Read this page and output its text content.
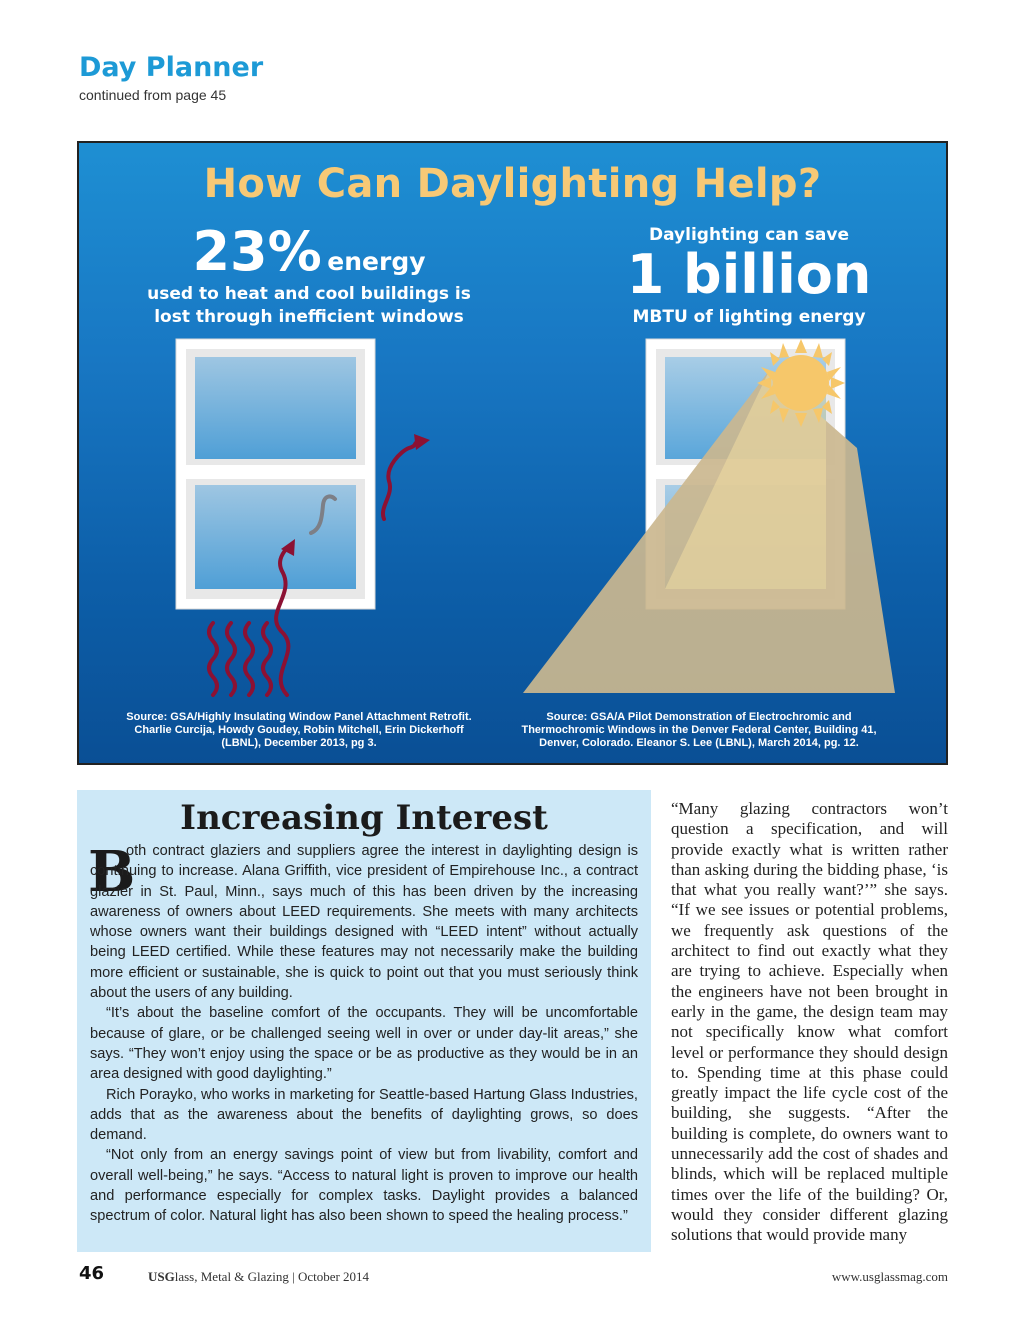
Day Planner
continued from page 45
How Can Daylighting Help?
23% energy
used to heat and cool buildings is
lost through inefficient windows
Daylighting can save
1 billion
MBTU of lighting energy
Source: GSA/Highly Insulating Window Panel Attachment Retrofit.
Charlie Curcija, Howdy Goudey, Robin Mitchell, Erin Dickerhoff
(LBNL), December 2013, pg 3.
Source: GSA/A Pilot Demonstration of Electrochromic and
Thermochromic Windows in the Denver Federal Center, Building 41,
Denver, Colorado. Eleanor S. Lee (LBNL), March 2014, pg. 12.
Increasing Interest
B

oth contract glaziers and suppliers agree the interest in daylighting design is continuing to increase. Alana Griffith, vice president of Empirehouse Inc., a contract glazier in St. Paul, Minn., says much of this has been driven by the increasing awareness of owners about LEED requirements. She meets with many architects whose owners want their buildings designed with “LEED intent” without actually being LEED certified. While these features may not necessarily make the building more efficient or sustainable, she is quick to point out that you must seriously think about the users of any building.

“It’s about the baseline comfort of the occupants. They will be uncomfortable because of glare, or be challenged seeing well in over or under day-lit areas,” she says. “They won’t enjoy using the space or be as productive as they would be in an area designed with good daylighting.”

Rich Porayko, who works in marketing for Seattle-based Hartung Glass Industries, adds that as the awareness about the benefits of daylighting grows, so does demand.

“Not only from an energy savings point of view but from livability, comfort and overall well-being,” he says. “Access to natural light is proven to improve our health and performance especially for complex tasks. Daylight provides a balanced spectrum of color. Natural light has also been shown to speed the healing process.”

“Many glazing contractors won’t question a specification, and will provide exactly what is written rather than asking during the bidding phase, ‘is that what you really want?’” she says. “If we see issues or potential problems, we frequently ask questions of the architect to find out exactly what they are trying to achieve. Especially when the engineers have not been brought in early in the game, the design team may not specifically know what comfort level or performance they should design to. Spending time at this phase could greatly impact the life cycle cost of the building, she suggests. “After the building is complete, do owners want to unnecessarily add the cost of shades and blinds, which will be replaced multiple times over the life of the building? Or, would they consider different glazing solutions that would provide many

46	USGlass, Metal & Glazing | October 2014	www.usglassmag.com
